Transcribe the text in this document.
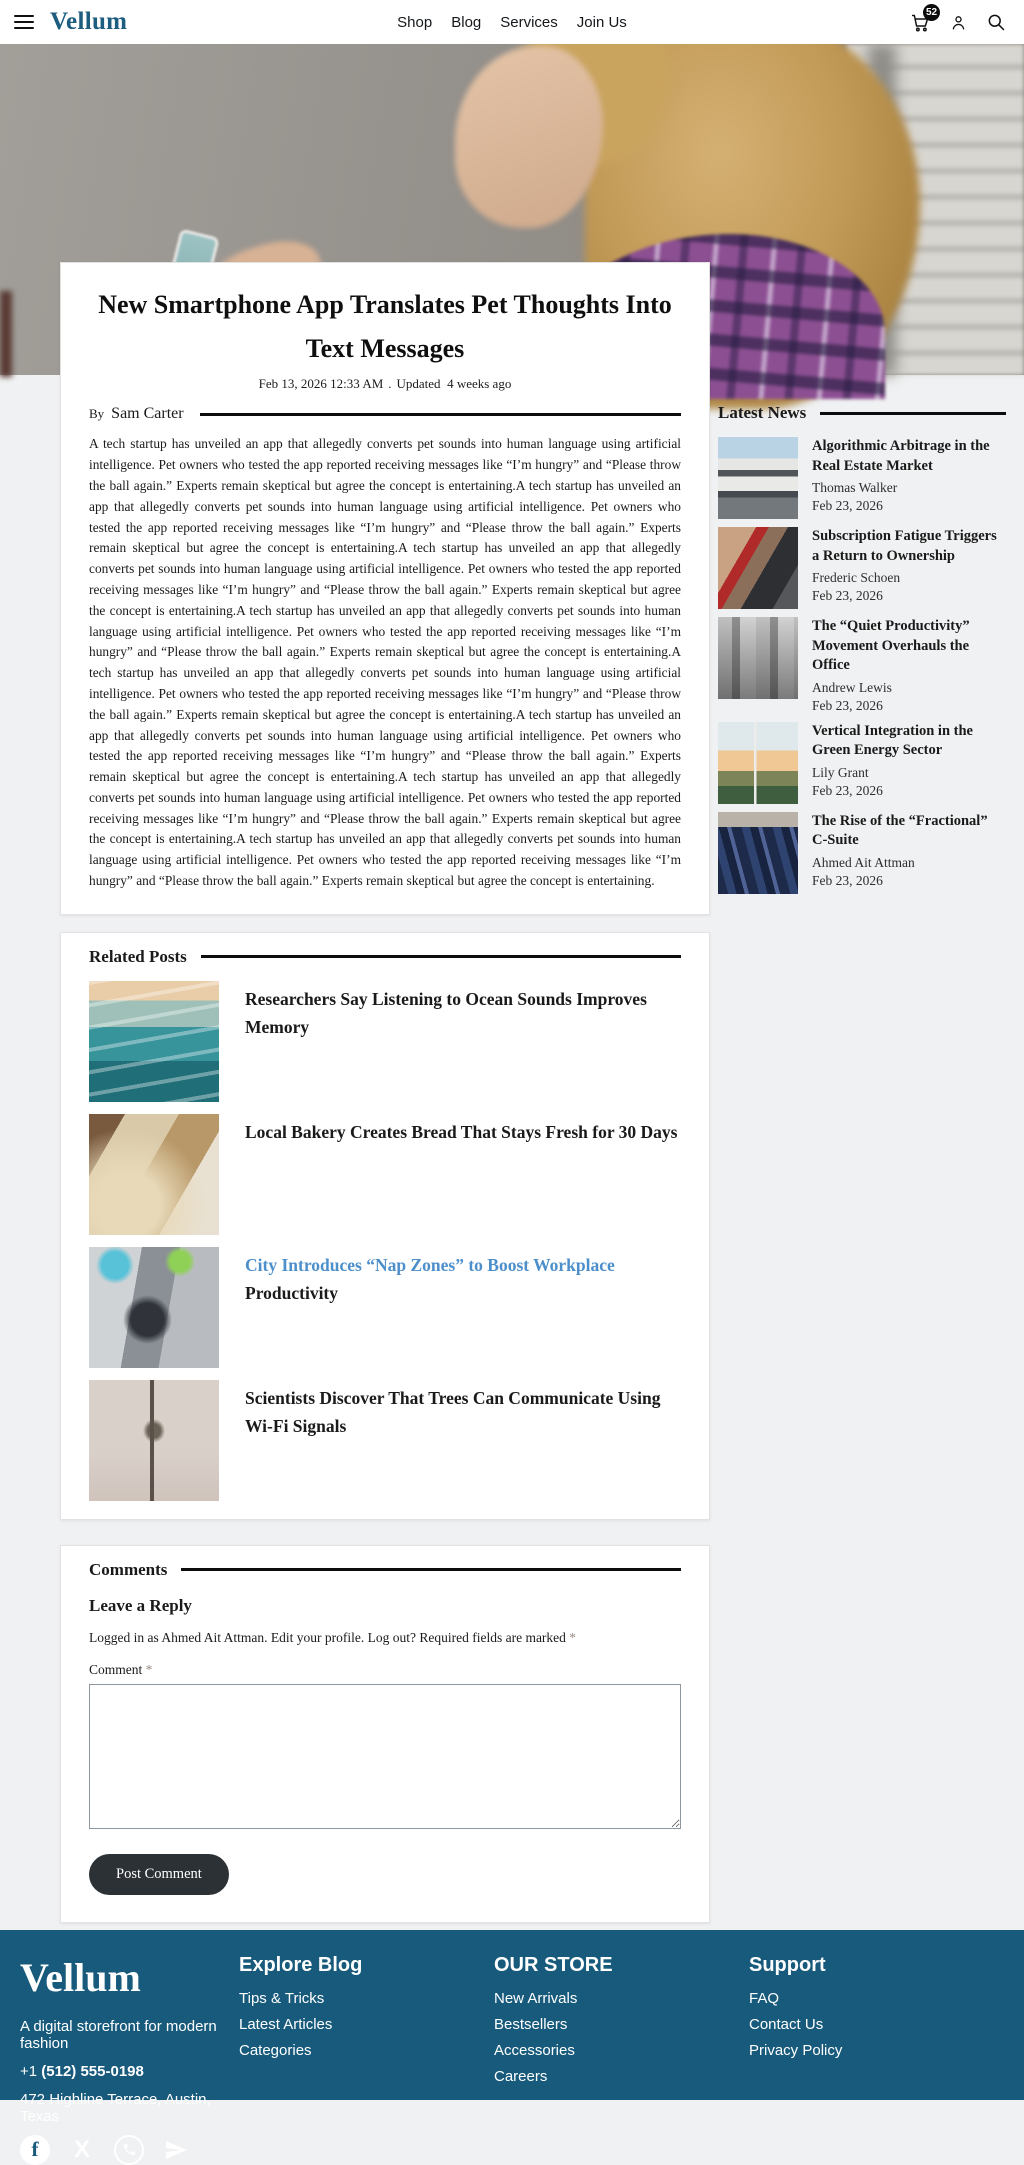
Vellum	Shop Blog Services Join Us
52
New Smartphone App Translates Pet Thoughts Into Text Messages
Feb 13, 2026 12:33 AM . Updated 4 weeks ago
By Sam Carter
A tech startup has unveiled an app that allegedly converts pet sounds into human language using artificial intelligence. Pet owners who tested the app reported receiving messages like “I’m hungry” and “Please throw the ball again.” Experts remain skeptical but agree the concept is entertaining.A tech startup has unveiled an app that allegedly converts pet sounds into human language using artificial intelligence. Pet owners who tested the app reported receiving messages like “I’m hungry” and “Please throw the ball again.” Experts remain skeptical but agree the concept is entertaining.A tech startup has unveiled an app that allegedly converts pet sounds into human language using artificial intelligence. Pet owners who tested the app reported receiving messages like “I’m hungry” and “Please throw the ball again.” Experts remain skeptical but agree the concept is entertaining.A tech startup has unveiled an app that allegedly converts pet sounds into human language using artificial intelligence. Pet owners who tested the app reported receiving messages like “I’m hungry” and “Please throw the ball again.” Experts remain skeptical but agree the concept is entertaining.A tech startup has unveiled an app that allegedly converts pet sounds into human language using artificial intelligence. Pet owners who tested the app reported receiving messages like “I’m hungry” and “Please throw the ball again.” Experts remain skeptical but agree the concept is entertaining.A tech startup has unveiled an app that allegedly converts pet sounds into human language using artificial intelligence. Pet owners who tested the app reported receiving messages like “I’m hungry” and “Please throw the ball again.” Experts remain skeptical but agree the concept is entertaining.A tech startup has unveiled an app that allegedly converts pet sounds into human language using artificial intelligence. Pet owners who tested the app reported receiving messages like “I’m hungry” and “Please throw the ball again.” Experts remain skeptical but agree the concept is entertaining.A tech startup has unveiled an app that allegedly converts pet sounds into human language using artificial intelligence. Pet owners who tested the app reported receiving messages like “I’m hungry” and “Please throw the ball again.” Experts remain skeptical but agree the concept is entertaining.
Related Posts
Researchers Say Listening to Ocean Sounds Improves Memory
Local Bakery Creates Bread That Stays Fresh for 30 Days
City Introduces “Nap Zones” to Boost Workplace Productivity
Scientists Discover That Trees Can Communicate Using Wi-Fi Signals
Comments
Leave a Reply
Logged in as Ahmed Ait Attman. Edit your profile. Log out? Required fields are marked *
Comment *
Post Comment
Latest News
Algorithmic Arbitrage in the Real Estate Market
Thomas Walker
Feb 23, 2026
Subscription Fatigue Triggers a Return to Ownership
Frederic Schoen
Feb 23, 2026
The “Quiet Productivity” Movement Overhauls the Office
Andrew Lewis
Feb 23, 2026
Vertical Integration in the Green Energy Sector
Lily Grant
Feb 23, 2026
The Rise of the “Fractional” C-Suite
Ahmed Ait Attman
Feb 23, 2026
Vellum
A digital storefront for modern fashion
+1 (512) 555-0198
472 Highline Terrace, Austin, Texas
f	X
Explore Blog
Tips & Tricks
Latest Articles
Categories
OUR STORE
New Arrivals
Bestsellers
Accessories
Careers
Support
FAQ
Contact Us
Privacy Policy
